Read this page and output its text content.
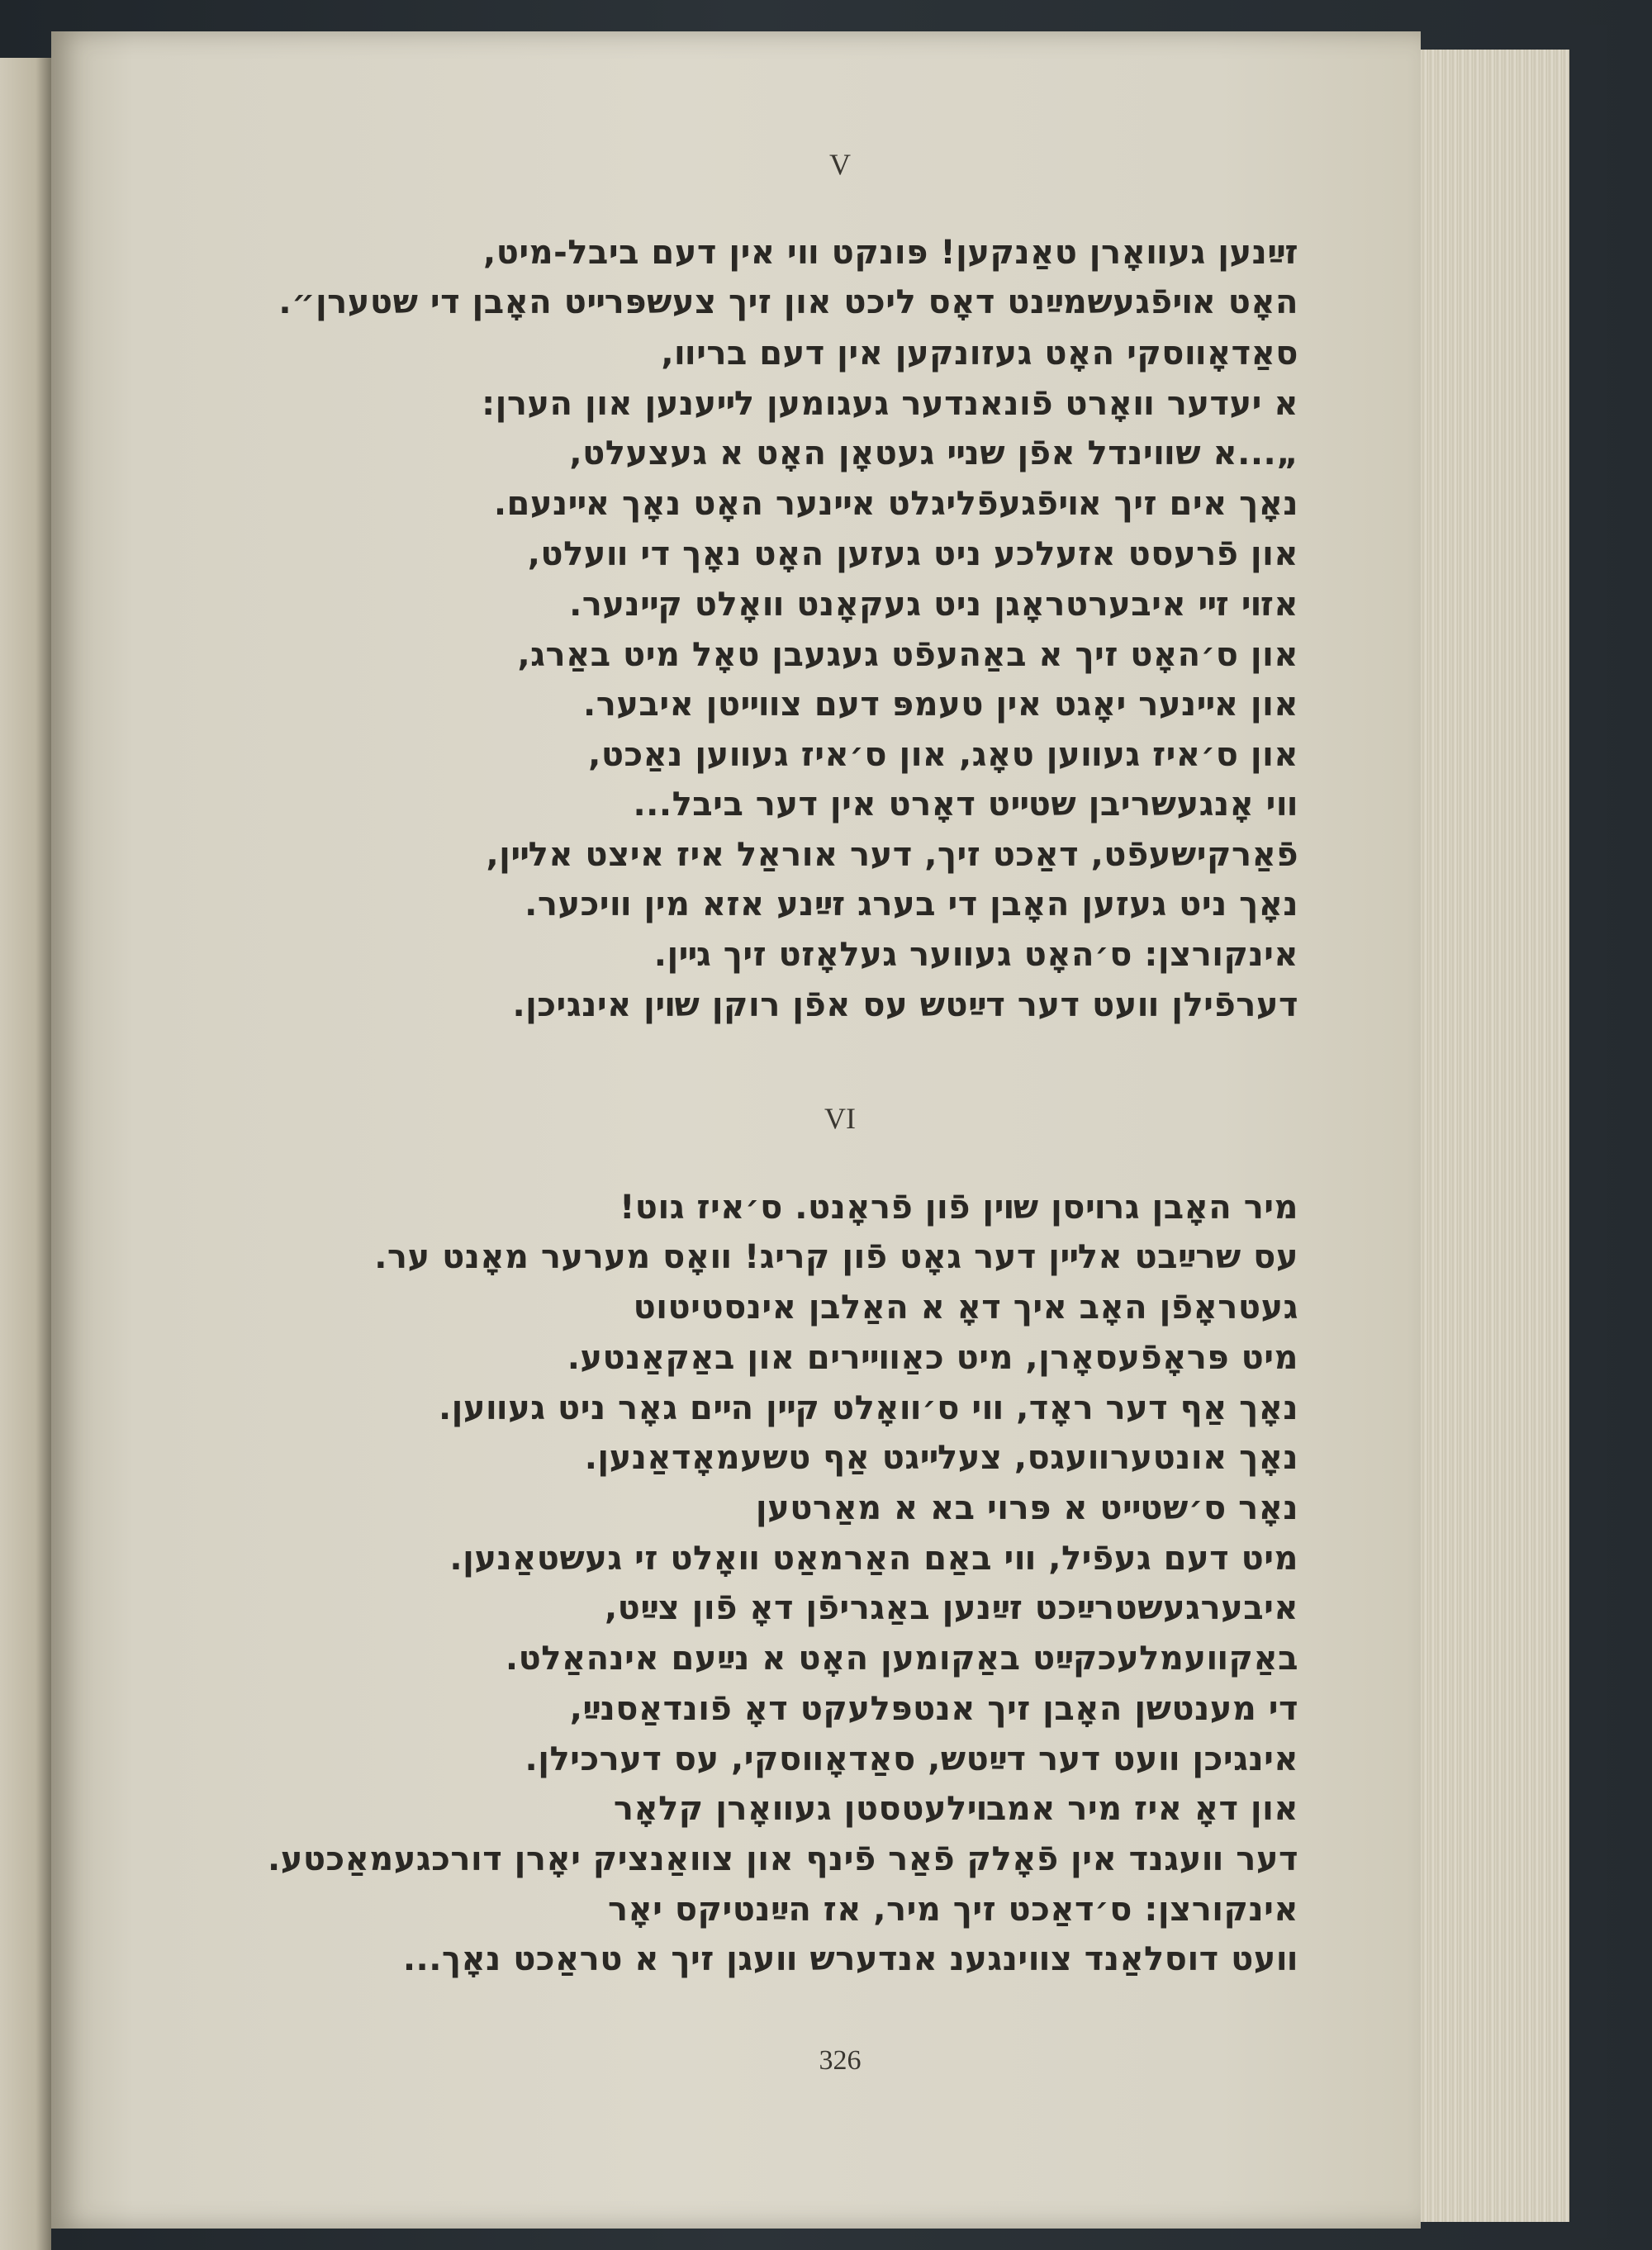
V
זײַנען געװאָרן טאַנקען! פּונקט װי אין דעם ביבל-מיט,
האָט אױפֿגעשמײַנט דאָס ליכט און זיך צעשפּרײט האָבן די שטערן״.
סאַדאָװסקי האָט געזונקען אין דעם בריװ,
א יעדער װאָרט פֿונאנדער געגומען לײענען און הערן:
„...א שװינדל אפֿן שנײ געטאָן האָט א געצעלט,
נאָך אים זיך אױפֿגעפֿליגלט אײנער האָט נאָך אײנעם.
און פֿרעסט אזעלכע ניט געזען האָט נאָך די װעלט,
אזױ זײ איבערטראָגן ניט געקאָנט װאָלט קײנער.
און ס׳האָט זיך א באַהעפֿט געגעבן טאָל מיט באַרג,
און אײנער יאָגט אין טעמפּ דעם צװײטן איבער.
און ס׳איז געװען טאָג, און ס׳איז געװען נאַכט,
װי אָנגעשריבן שטײט דאָרט אין דער ביבל...
פֿאַרקישעפֿט, דאַכט זיך, דער אוראַל איז איצט אלײן,
נאָך ניט געזען האָבן די בערג זײַנע אזא מין װיכער.
אינקורצן: ס׳האָט געװער געלאָזט זיך גײן.
דערפֿילן װעט דער דײַטש עס אפֿן רוקן שױן אינגיכן.
VI
מיר האָבן גרױסן שױן פֿון פֿראָנט. ס׳איז גוט!
עס שרײַבט אלײן דער גאָט פֿון קריג! װאָס מערער מאָנט ער.
געטראָפֿן האָב איך דאָ א האַלבן אינסטיטוט
מיט פּראָפֿעסאָרן, מיט כאַװײרים און באַקאַנטע.
נאָך אַף דער ראָד, װי ס׳װאָלט קײן הײם גאָר ניט געװען.
נאָך אונטערװעגס, צעלײגט אַף טשעמאָדאַנען.
נאָר ס׳שטײט א פּרוי בא א מאַרטען
מיט דעם געפֿיל, װי באַם האַרמאַט װאָלט זי געשטאַנען.
איבערגעשטרײַכט זײַנען באַגריפֿן דאָ פֿון צײַט,
באַקװעמלעכקײַט באַקומען האָט א נײַעם אינהאַלט.
די מענטשן האָבן זיך אנטפּלעקט דאָ פֿונדאַסנײַ,
אינגיכן װעט דער דײַטש, סאַדאָװסקי, עס דערכילן.
און דאָ איז מיר אמבױלעטסטן געװאָרן קלאָר
דער װעגנד אין פֿאָלק פֿאַר פֿינף און צװאַנציק יאָרן דורכגעמאַכטע.
אינקורצן: ס׳דאַכט זיך מיר, אז הײַנטיקס יאָר
װעט דוסלאַנד צװינגענ אנדערש װעגן זיך א טראַכט נאָך...
326
